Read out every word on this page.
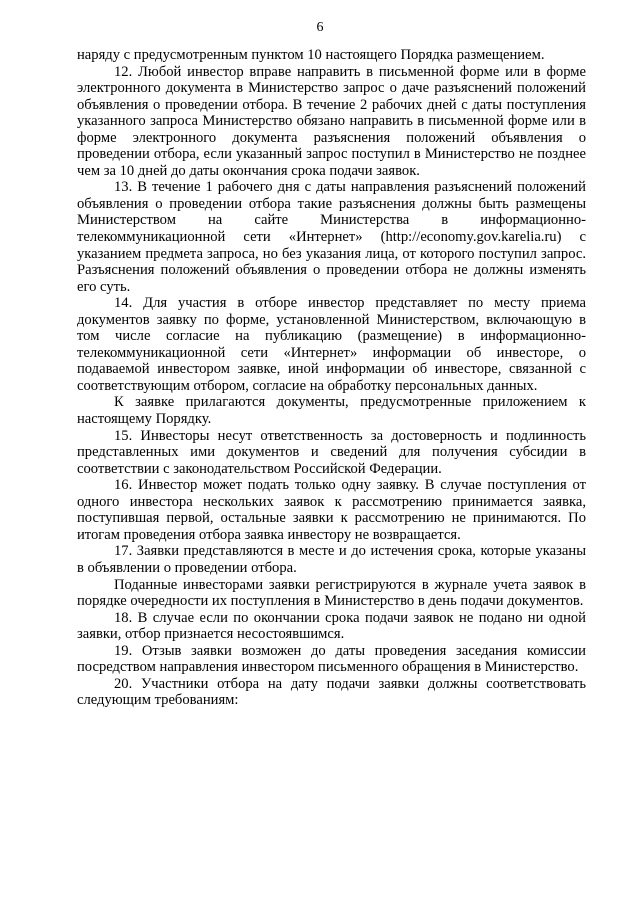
6

наряду с предусмотренным пунктом 10 настоящего Порядка размещением.

12. Любой инвестор вправе направить в письменной форме или в форме электронного документа в Министерство запрос о даче разъяснений положений объявления о проведении отбора. В течение 2 рабочих дней с даты поступления указанного запроса Министерство обязано направить в письменной форме или в форме электронного документа разъяснения положений объявления о проведении отбора, если указанный запрос поступил в Министерство не позднее чем за 10 дней до даты окончания срока подачи заявок.

13. В течение 1 рабочего дня с даты направления разъяснений положений объявления о проведении отбора такие разъяснения должны быть размещены Министерством на сайте Министерства в информационно-телекоммуникационной сети «Интернет» (http://economy.gov.karelia.ru) с указанием предмета запроса, но без указания лица, от которого поступил запрос. Разъяснения положений объявления о проведении отбора не должны изменять его суть.

14. Для участия в отборе инвестор представляет по месту приема документов заявку по форме, установленной Министерством, включающую в том числе согласие на публикацию (размещение) в информационно-телекоммуникационной сети «Интернет» информации об инвесторе, о подаваемой инвестором заявке, иной информации об инвесторе, связанной с соответствующим отбором, согласие на обработку персональных данных.

К заявке прилагаются документы, предусмотренные приложением к настоящему Порядку.

15. Инвесторы несут ответственность за достоверность и подлинность представленных ими документов и сведений для получения субсидии в соответствии с законодательством Российской Федерации.

16. Инвестор может подать только одну заявку. В случае поступления от одного инвестора нескольких заявок к рассмотрению принимается заявка, поступившая первой, остальные заявки к рассмотрению не принимаются. По итогам проведения отбора заявка инвестору не возвращается.

17. Заявки представляются в месте и до истечения срока, которые указаны в объявлении о проведении отбора.

Поданные инвесторами заявки регистрируются в журнале учета заявок в порядке очередности их поступления в Министерство в день подачи документов.

18. В случае если по окончании срока подачи заявок не подано ни одной заявки, отбор признается несостоявшимся.

19. Отзыв заявки возможен до даты проведения заседания комиссии посредством направления инвестором письменного обращения в Министерство.

20. Участники отбора на дату подачи заявки должны соответствовать следующим требованиям:
